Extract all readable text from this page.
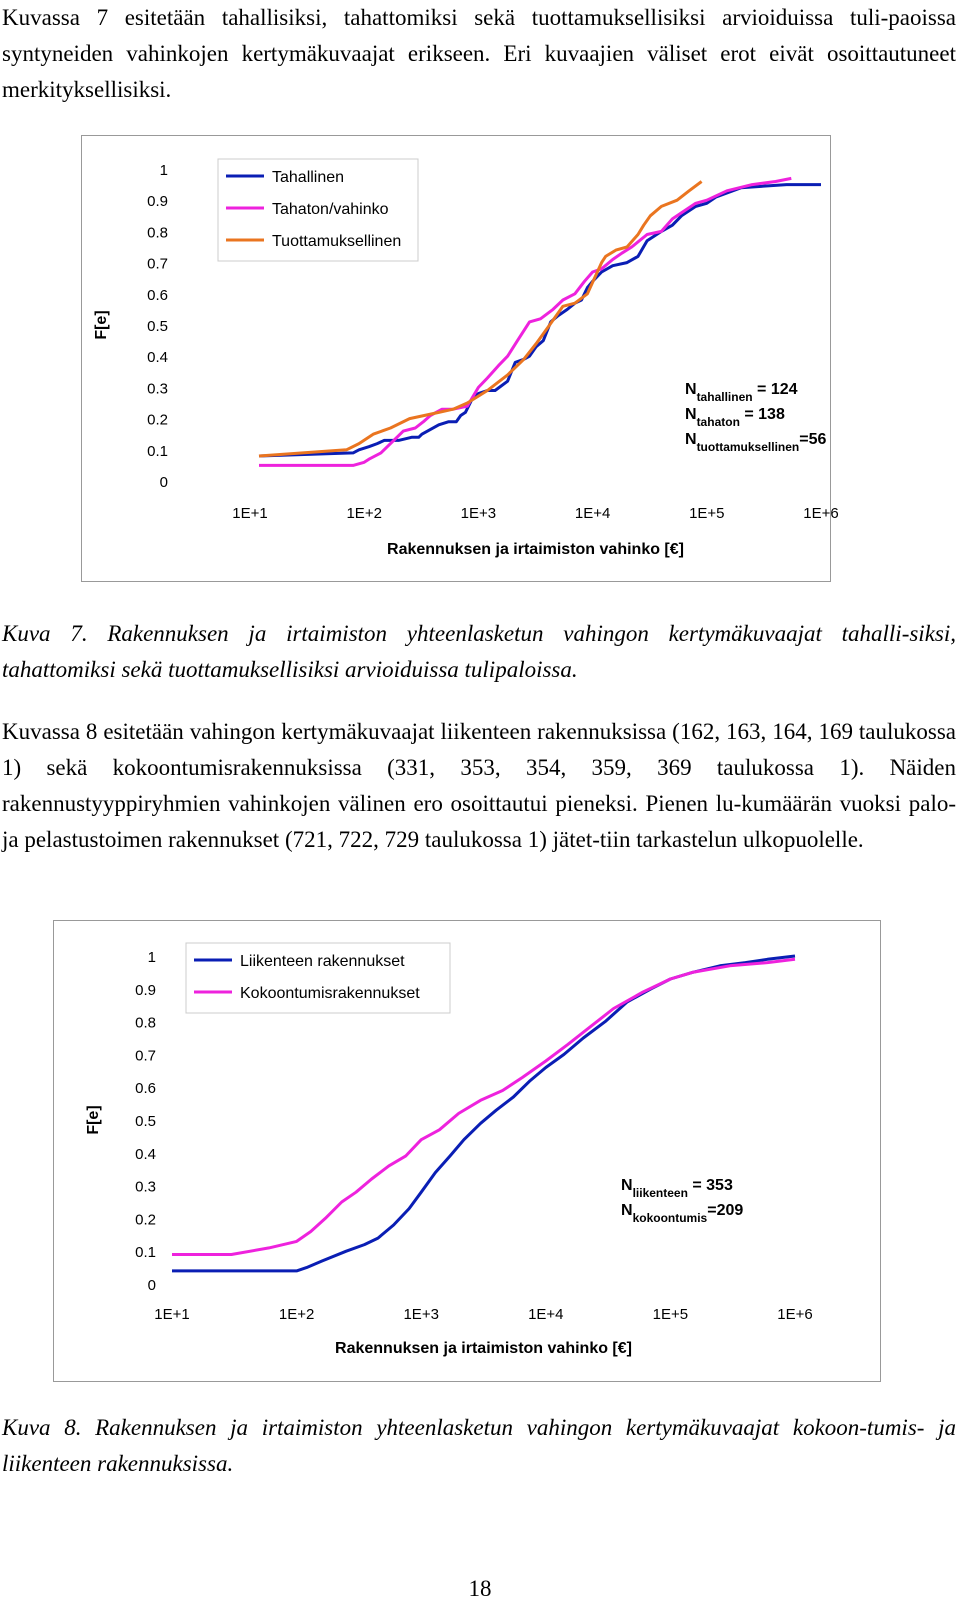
Kuvassa 7 esitetään tahallisiksi, tahattomiksi sekä tuottamuksellisiksi arvioiduissa tuli-paoissa syntyneiden vahinkojen kertymäkuvaajat erikseen. Eri kuvaajien väliset erot eivät osoittautuneet merkityksellisiksi.
0
0.1
0.2
0.3
0.4
0.5
0.6
0.7
0.8
0.9
1
1E+1	1E+2	1E+3	1E+4	1E+5	1E+6
Rakennuksen ja irtaimiston vahinko [€]
F[e]
Tahallinen
Tahaton/vahinko
Tuottamuksellinen
$N_{tahallinen} = 124$
$N_{tahaton} = 138$
$N_{tuottamuksellinen}=56$
Kuva 7. Rakennuksen ja irtaimiston yhteenlasketun vahingon kertymäkuvaajat tahalli-siksi, tahattomiksi sekä tuottamuksellisiksi arvioiduissa tulipaloissa.
Kuvassa 8 esitetään vahingon kertymäkuvaajat liikenteen rakennuksissa (162, 163, 164, 169 taulukossa 1) sekä kokoontumisrakennuksissa (331, 353, 354, 359, 369 taulukossa 1). Näiden rakennustyyppiryhmien vahinkojen välinen ero osoittautui pieneksi. Pienen lu-kumäärän vuoksi palo- ja pelastustoimen rakennukset (721, 722, 729 taulukossa 1) jätet-tiin tarkastelun ulkopuolelle.
0
0.1
0.2
0.3
0.4
0.5
0.6
0.7
0.8
0.9
1
1E+1	1E+2	1E+3	1E+4	1E+5	1E+6
Rakennuksen ja irtaimiston vahinko [€]
F[e]
Liikenteen rakennukset
Kokoontumisrakennukset
$N_{liikenteen} = 353$
$N_{kokoontumis}=209$
Kuva 8. Rakennuksen ja irtaimiston yhteenlasketun vahingon kertymäkuvaajat kokoon-tumis- ja liikenteen rakennuksissa.
18
